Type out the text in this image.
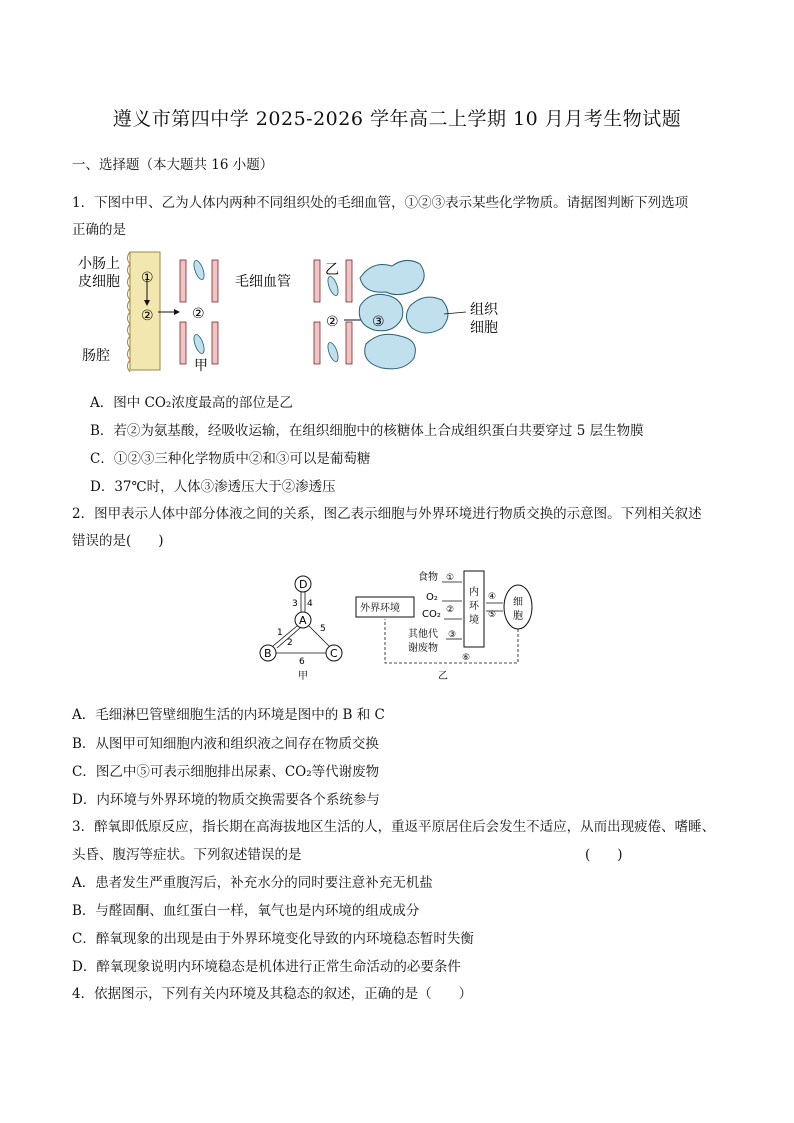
遵义市第四中学 2025-2026 学年高二上学期 10 月月考生物试题
一、选择题（本大题共 16 小题）
1．下图中甲、乙为人体内两种不同组织处的毛细血管，①②③表示某些化学物质。请据图判断下列选项
正确的是
①
②
小肠上
皮细胞
肠腔
②
甲
毛细血管
乙
② ③
组织
细胞
A．图中 CO₂浓度最高的部位是乙
B．若②为氨基酸，经吸收运输，在组织细胞中的核糖体上合成组织蛋白共要穿过 5 层生物膜
C．①②③三种化学物质中②和③可以是葡萄糖
D．37℃时，人体③渗透压大于②渗透压
2．图甲表示人体中部分体液之间的关系，图乙表示细胞与外界环境进行物质交换的示意图。下列相关叙述
错误的是(　　)
D
A
B	C
3 4
1
2
5
6
甲
外界环境
内
环
境
细
胞
食物 ①
O₂
②
CO₂
其他代
谢废物
③
④
⑤
⑥
乙
A．毛细淋巴管壁细胞生活的内环境是图中的 B 和 C
B．从图甲可知细胞内液和组织液之间存在物质交换
C．图乙中⑤可表示细胞排出尿素、CO₂等代谢废物
D．内环境与外界环境的物质交换需要各个系统参与
3．醉氧即低原反应，指长期在高海拔地区生活的人，重返平原居住后会发生不适应，从而出现疲倦、嗜睡、
头昏、腹泻等症状。下列叙述错误的是	(　　)
A．患者发生严重腹泻后，补充水分的同时要注意补充无机盐
B．与醛固酮、血红蛋白一样，氧气也是内环境的组成成分
C．醉氧现象的出现是由于外界环境变化导致的内环境稳态暂时失衡
D．醉氧现象说明内环境稳态是机体进行正常生命活动的必要条件
4．依据图示，下列有关内环境及其稳态的叙述，正确的是（　　）
